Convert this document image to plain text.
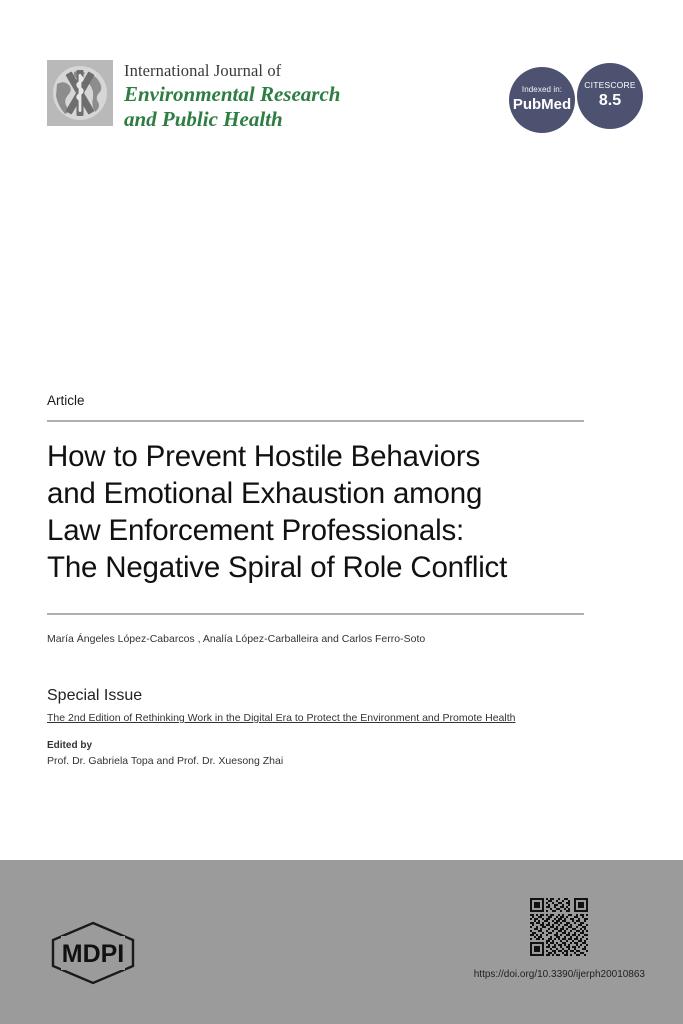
International Journal of
Environmental Research
and Public Health
Indexed in:
PubMed
CITESCORE
8.5
Article
How to Prevent Hostile Behaviors
and Emotional Exhaustion among
Law Enforcement Professionals:
The Negative Spiral of Role Conflict
María Ángeles López-Cabarcos , Analía López-Carballeira and Carlos Ferro-Soto
Special Issue
The 2nd Edition of Rethinking Work in the Digital Era to Protect the Environment and Promote Health
Edited by
Prof. Dr. Gabriela Topa and Prof. Dr. Xuesong Zhai
MDPI
https://doi.org/10.3390/ijerph20010863
